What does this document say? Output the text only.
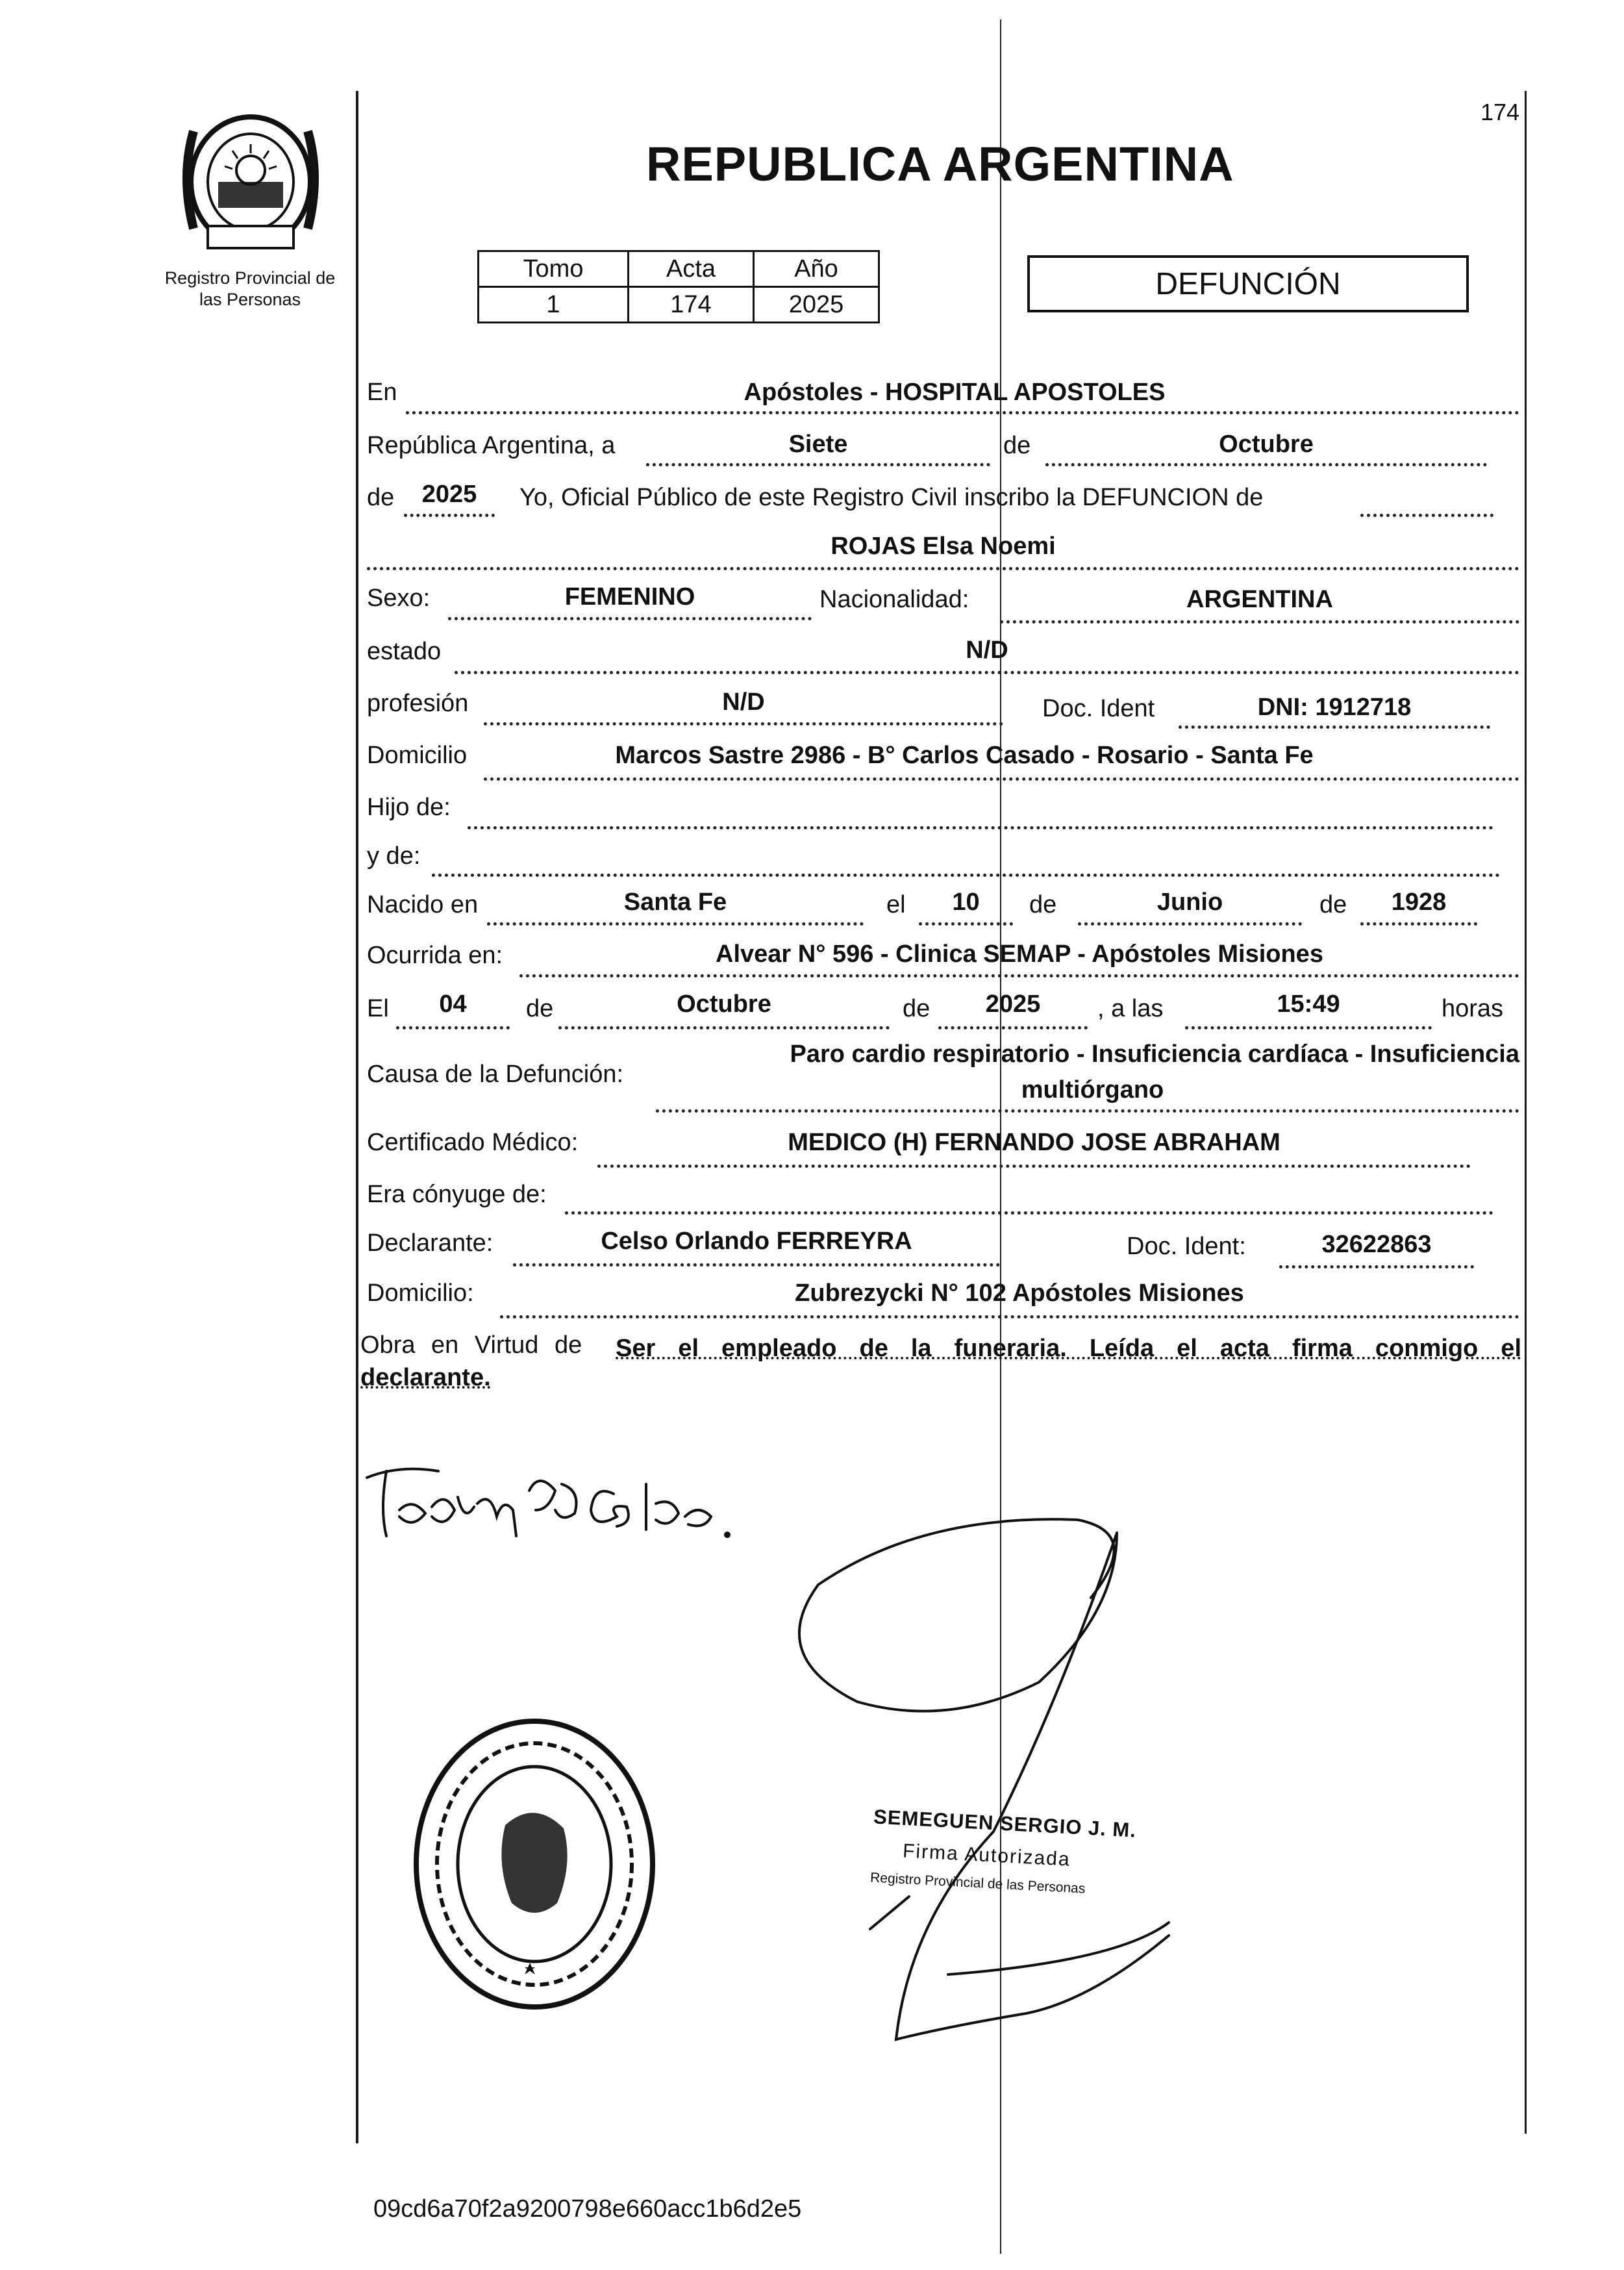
174
Registro Provincial de
las Personas
REPUBLICA ARGENTINA
Tomo	Acta	Año
1	174	2025
DEFUNCIÓN
En	Apóstoles - HOSPITAL APOSTOLES
República Argentina, a	Siete	de	Octubre
de	2025	Yo, Oficial Público de este Registro Civil inscribo la DEFUNCION de
ROJAS Elsa Noemi
Sexo:	FEMENINO	Nacionalidad:	ARGENTINA
estado	N/D
profesión	N/D	Doc. Ident	DNI: 1912718
Domicilio	Marcos Sastre 2986 - B° Carlos Casado - Rosario - Santa Fe
Hijo de:
y de:
Nacido en	Santa Fe	el	10	de	Junio	de	1928
Ocurrida en:	Alvear N° 596 - Clinica SEMAP - Apóstoles Misiones
El	04	de	Octubre	de	2025	, a las	15:49	horas
Causa de la Defunción:
Paro cardio respiratorio - Insuficiencia cardíaca - Insuficiencia
multiórgano
Certificado Médico:	MEDICO (H) FERNANDO JOSE ABRAHAM
Era cónyuge de:
Declarante:	Celso Orlando FERREYRA	Doc. Ident:	32622863
Domicilio:	Zubrezycki N° 102 Apóstoles Misiones
Obra en Virtud de Ser el empleado de la funeraria. Leída el acta firma conmigo el
declarante.
SEMEGUEN SERGIO J. M.
Firma Autorizada
Registro Provincial de las Personas
09cd6a70f2a9200798e660acc1b6d2e5
